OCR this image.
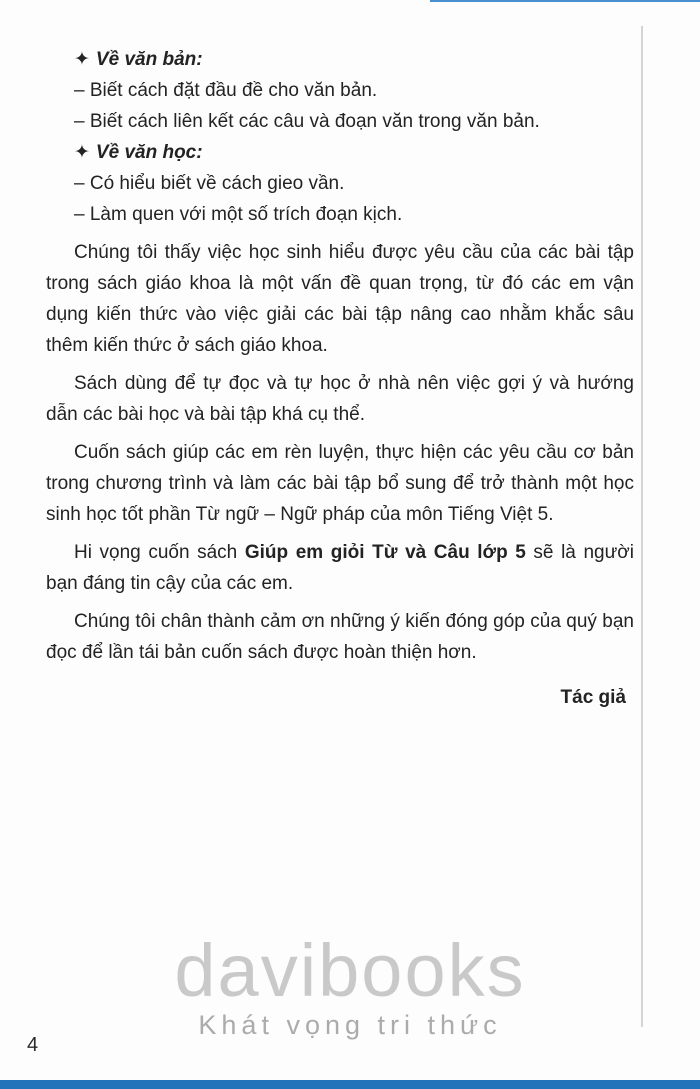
✦ Về văn bản:

– Biết cách đặt đầu đề cho văn bản.

– Biết cách liên kết các câu và đoạn văn trong văn bản.

✦ Về văn học:

– Có hiểu biết về cách gieo vần.

– Làm quen với một số trích đoạn kịch.

Chúng tôi thấy việc học sinh hiểu được yêu cầu của các bài tập trong sách giáo khoa là một vấn đề quan trọng, từ đó các em vận dụng kiến thức vào việc giải các bài tập nâng cao nhằm khắc sâu thêm kiến thức ở sách giáo khoa.

Sách dùng để tự đọc và tự học ở nhà nên việc gợi ý và hướng dẫn các bài học và bài tập khá cụ thể.

Cuốn sách giúp các em rèn luyện, thực hiện các yêu cầu cơ bản trong chương trình và làm các bài tập bổ sung để trở thành một học sinh học tốt phần Từ ngữ – Ngữ pháp của môn Tiếng Việt 5.

Hi vọng cuốn sách Giúp em giỏi Từ và Câu lớp 5 sẽ là người bạn đáng tin cậy của các em.

Chúng tôi chân thành cảm ơn những ý kiến đóng góp của quý bạn đọc để lần tái bản cuốn sách được hoàn thiện hơn.

Tác giả

davibooks
Khát vọng tri thức
4
